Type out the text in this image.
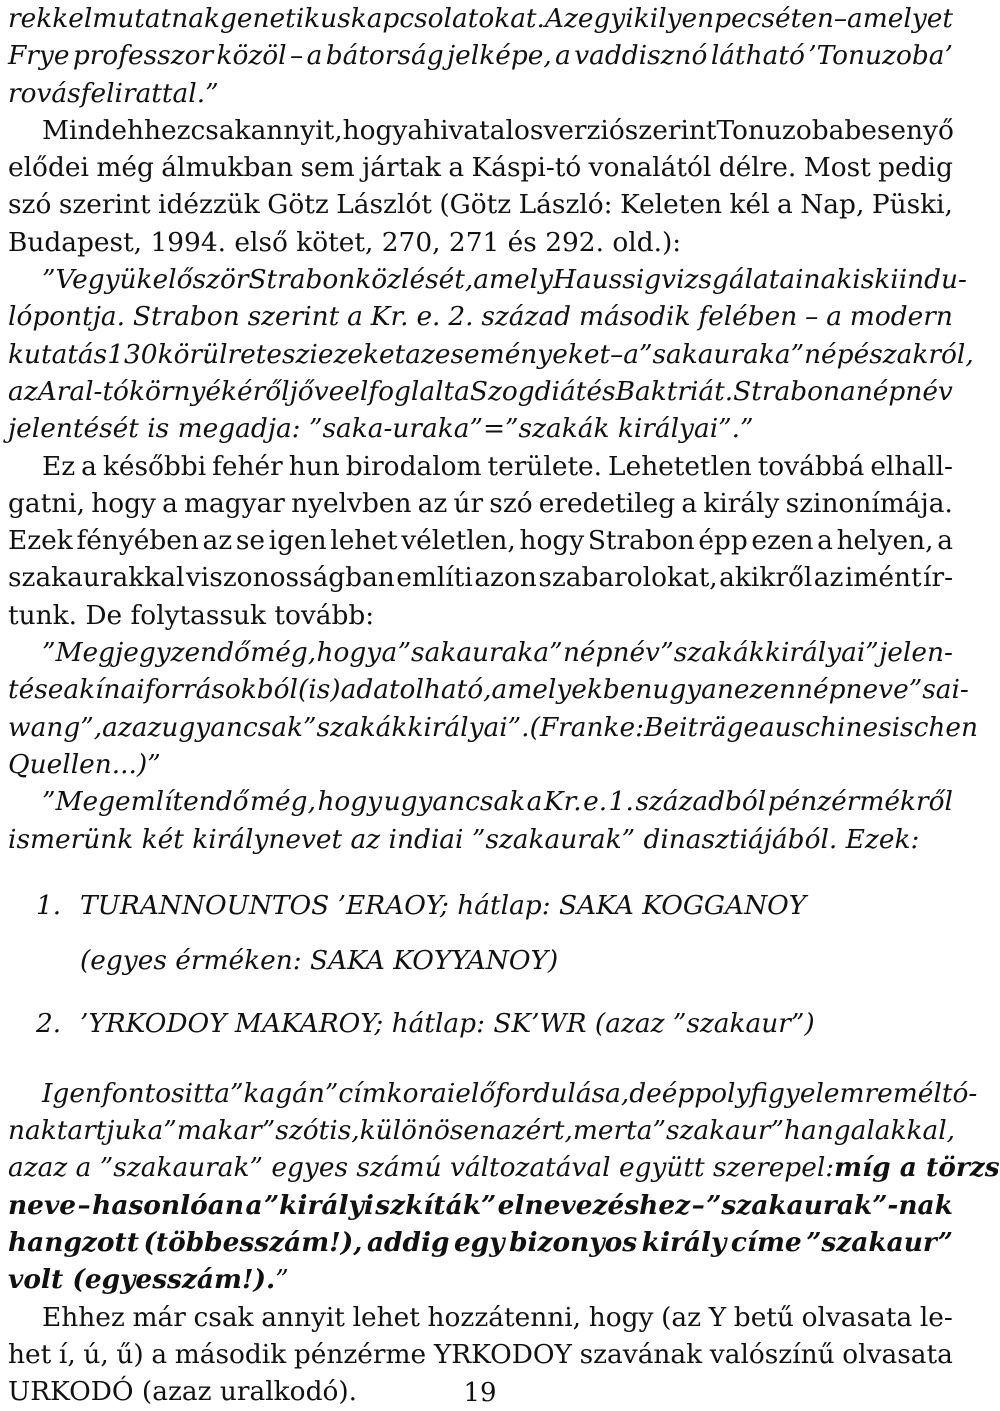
rekkel mutatnak genetikus kapcsolatokat. Az egyik ilyen pecséten – amelyet
Frye professzor közöl – a bátorság jelképe, a vaddisznó látható ’Tonuzoba’
rovásfelirattal.”
Mindehhez csak annyit, hogy a hivatalos verzió szerint Tonuzoba besenyő
elődei még álmukban sem jártak a Káspi-tó vonalától délre. Most pedig
szó szerint idézzük Götz Lászlót (Götz László: Keleten kél a Nap, Püski,
Budapest, 1994. első kötet, 270, 271 és 292. old.):
”Vegyük először Strabon közlését, amely Haussig vizsgálatainak is kiindu-
lópontja. Strabon szerint a Kr. e. 2. század második felében – a modern
kutatás 130 körülre teszi ezeket az eseményeket – a ”sakauraka” nép északról,
az Aral-tó környékéről jőve elfoglalta Szogdiát és Baktriát. Strabon a népnév
jelentését is megadja: ”saka-uraka”=”szakák királyai”.”
Ez a későbbi fehér hun birodalom területe. Lehetetlen továbbá elhall-
gatni, hogy a magyar nyelvben az úr szó eredetileg a király szinonímája.
Ezek fényében az se igen lehet véletlen, hogy Strabon épp ezen a helyen, a
szakaurakkal viszonosságban említi azon szabarolokat, akikről az imént ír-
tunk. De folytassuk tovább:
”Megjegyzendő még, hogy a ”sakauraka” népnév ”szakák királyai” jelen-
tése a kínai forrásokból (is) adatolható, amelyekben ugyanezen nép neve ”sai-
wang”, azaz ugyancsak ”szakák királyai”. (Franke: Beiträge aus chinesischen
Quellen...)”
”Megemlítendő még, hogy ugyancsak a Kr. e. 1. századból pénzérmékről
ismerünk két királynevet az indiai ”szakaurak” dinasztiájából. Ezek:
1. TURANNOUNTOS ’ERAOY; hátlap: SAKA KOGGANOY
(egyes érméken: SAKA KOYYANOY)
2. ’YRKODOY MAKAROY; hátlap: SK’WR (azaz ”szakaur”)
Igen fontos itt a ”kagán” cím korai előfordulása, de éppoly figyelemreméltó-
nak tartjuk a ”makar” szót is, különösen azért, mert a ”szakaur” hangalakkal,
azaz a ”szakaurak” egyes számú változatával együtt szerepel: míg a törzs
neve – hasonlóan a ”királyi szkíták” elnevezéshez – ”szakaurak”-nak
hangzott (többesszám!), addig egy bizonyos király címe ”szakaur”
volt (egyesszám!).”
Ehhez már csak annyit lehet hozzátenni, hogy (az Y betű olvasata le-
het í, ú, ű) a második pénzérme YRKODOY szavának valószínű olvasata
URKODÓ (azaz uralkodó).	19
